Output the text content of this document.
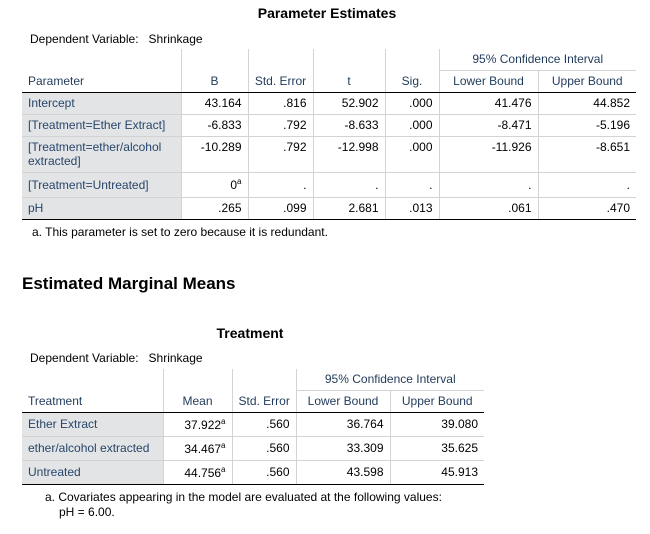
Parameter Estimates
Dependent Variable: Shrinkage
					95% Confidence Interval	
Parameter	B	Std. Error	t	Sig.	Lower Bound	Upper Bound
Intercept	43.164	.816	52.902	.000	41.476	44.852
[Treatment=Ether Extract]	-6.833	.792	-8.633	.000	-8.471	-5.196
[Treatment=ether/alcohol extracted]	-10.289	.792	-12.998	.000	-11.926	-8.651
[Treatment=Untreated]	0$^a$	.	.	.	.	.
pH	.265	.099	2.681	.013	.061	.470
a. This parameter is set to zero because it is redundant.
Estimated Marginal Means
Treatment
Dependent Variable: Shrinkage
			95% Confidence Interval	
Treatment	Mean	Std. Error	Lower Bound	Upper Bound
Ether Extract	37.922$^a$	.560	36.764	39.080
ether/alcohol extracted	34.467$^a$	.560	33.309	35.625
Untreated	44.756$^a$	.560	43.598	45.913
a. Covariates appearing in the model are evaluated at the following values:
pH = 6.00.
